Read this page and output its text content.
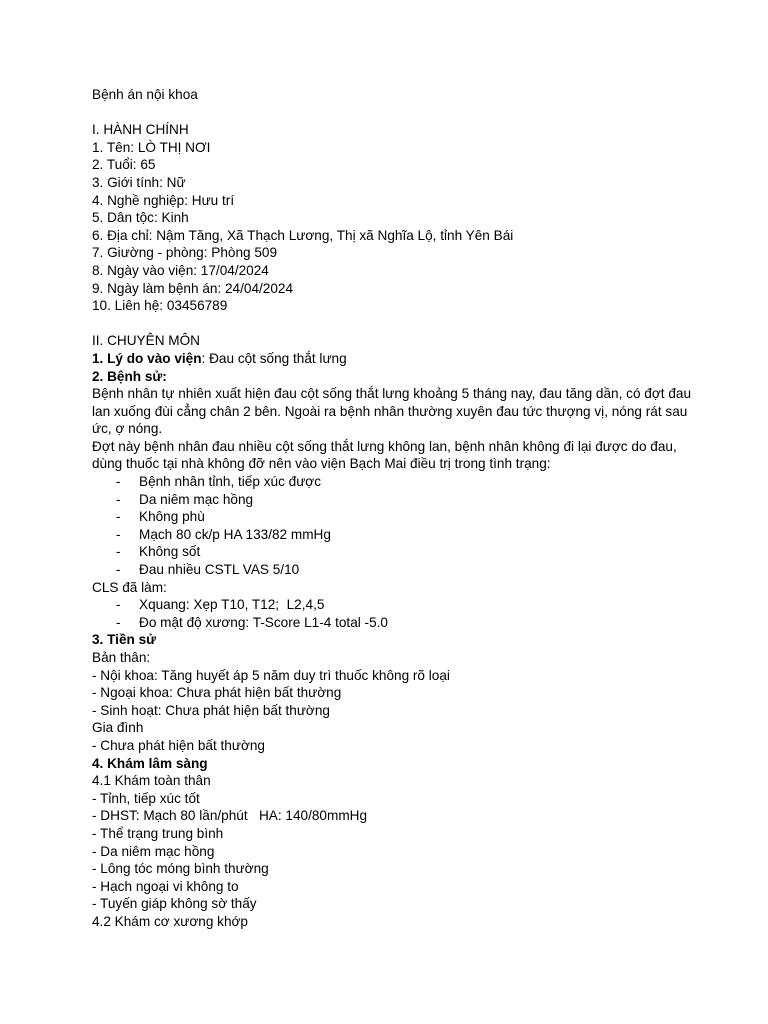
Bệnh án nội khoa
I. HÀNH CHÍNH
1. Tên: LÒ THỊ NƠI
2. Tuổi: 65
3. Giới tính: Nữ
4. Nghề nghiệp: Hưu trí
5. Dân tộc: Kinh
6. Địa chỉ: Nậm Tăng, Xã Thạch Lương, Thị xã Nghĩa Lộ, tỉnh Yên Bái
7. Giường - phòng: Phòng 509
8. Ngày vào viện: 17/04/2024
9. Ngày làm bệnh án: 24/04/2024
10. Liên hệ: 03456789
II. CHUYÊN MÔN
1. Lý do vào viện: Đau cột sống thắt lưng
2. Bệnh sử:
Bệnh nhân tự nhiên xuất hiện đau cột sống thắt lưng khoảng 5 tháng nay, đau tăng dần, có đợt đau lan xuống đùi cẳng chân 2 bên. Ngoài ra bệnh nhân thường xuyên đau tức thượng vị, nóng rát sau ức, ợ nóng.
Đợt này bệnh nhân đau nhiều cột sống thắt lưng không lan, bệnh nhân không đi lại được do đau, dùng thuốc tại nhà không đỡ nên vào viện Bạch Mai điều trị trong tình trạng:
- Bệnh nhân tỉnh, tiếp xúc được
- Da niêm mạc hồng
- Không phù
- Mạch 80 ck/p HA 133/82 mmHg
- Không sốt
- Đau nhiều CSTL VAS 5/10
CLS đã làm:
- Xquang: Xẹp T10, T12;  L2,4,5
- Đo mật độ xương: T-Score L1-4 total -5.0
3. Tiền sử
Bản thân:
- Nội khoa: Tăng huyết áp 5 năm duy trì thuốc không rõ loại
- Ngoại khoa: Chưa phát hiện bất thường
- Sinh hoạt: Chưa phát hiện bất thường
Gia đình
- Chưa phát hiện bất thường
4. Khám lâm sàng
4.1 Khám toàn thân
- Tỉnh, tiếp xúc tốt
- DHST: Mạch 80 lần/phút   HA: 140/80mmHg
- Thể trạng trung bình
- Da niêm mạc hồng
- Lông tóc móng bình thường
- Hạch ngoại vi không to
- Tuyến giáp không sờ thấy
4.2 Khám cơ xương khớp
